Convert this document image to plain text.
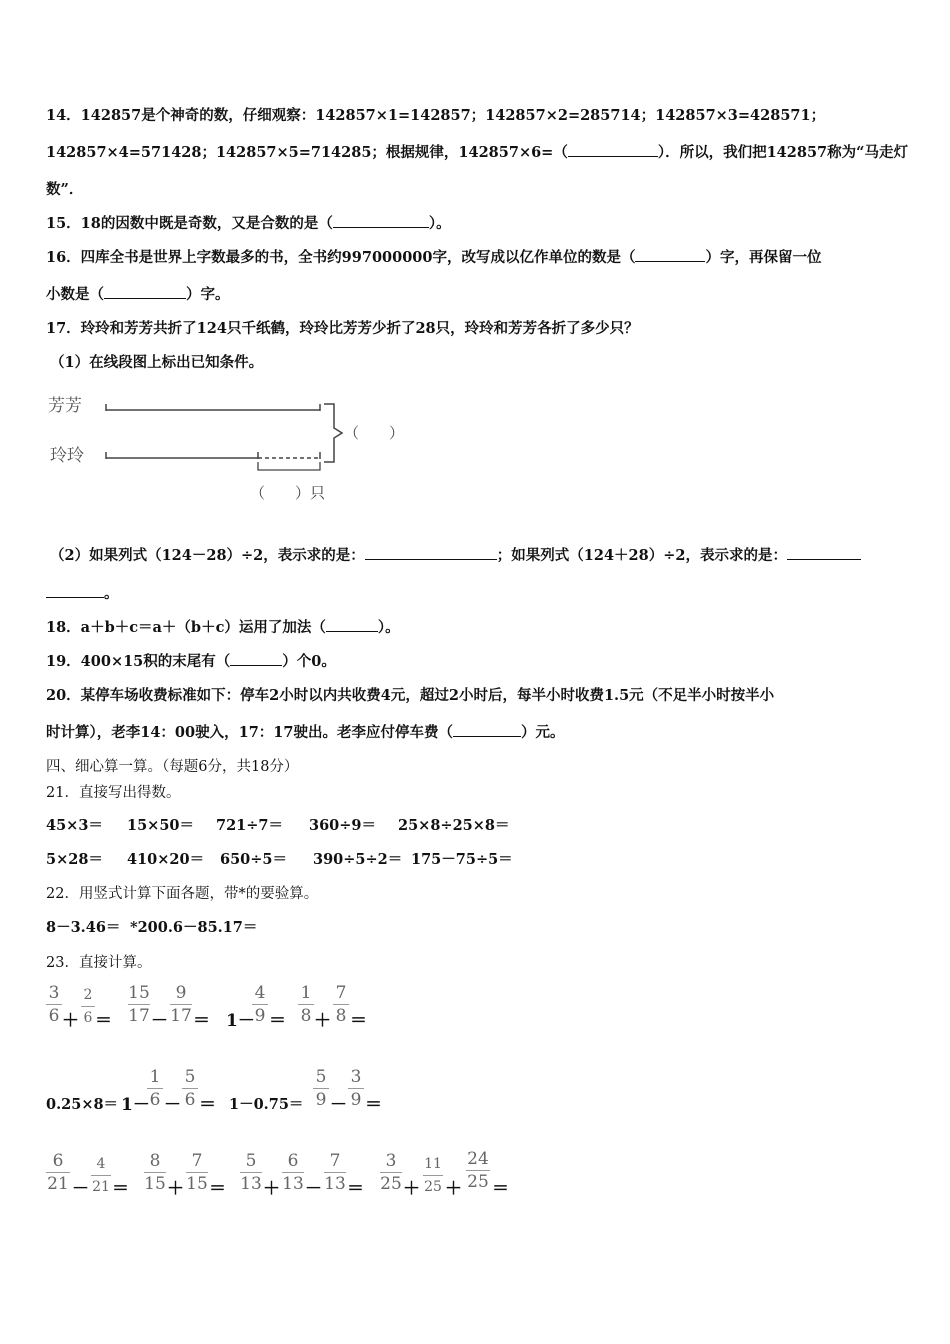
14．142857是个神奇的数，仔细观察：142857×1=142857；142857×2=285714；142857×3=428571；
142857×4=571428；142857×5=714285；根据规律，142857×6=（	）．所以，我们把142857称为“马走灯
数”．
15．18的因数中既是奇数，又是合数的是（	）。
16．四库全书是世界上字数最多的书，全书约997000000字，改写成以亿作单位的数是（	）字，再保留一位
小数是（	）字。
17．玲玲和芳芳共折了124只千纸鹤，玲玲比芳芳少折了28只，玲玲和芳芳各折了多少只？
（1）在线段图上标出已知条件。
芳芳
玲玲
（　　）
（　　）只
（2）如果列式（124－28）÷2，表示求的是：	；如果列式（124＋28）÷2，表示求的是：
。
18．a＋b＋c＝a＋（b＋c）运用了加法（	）。
19．400×15积的末尾有（	）个0。
20．某停车场收费标准如下：停车2小时以内共收费4元，超过2小时后，每半小时收费1.5元（不足半小时按半小
时计算），老李14：00驶入，17：17驶出。老李应付停车费（	）元。
四、细心算一算。（每题6分，共18分）
21．直接写出得数。
45×3＝ 15×50＝ 721÷7＝ 360÷9＝ 25×8÷25×8＝
5×28＝ 410×20＝ 650÷5＝ 390÷5÷2＝ 175－75÷5＝
22．用竖式计算下面各题，带*的要验算。
8－3.46＝ *200.6－85.17＝
23．直接计算。
3
6 ＋
2
6 ＝
15
17 －
9
17 ＝ 1－
4
9 ＝
1
8 ＋
7
8 ＝
0.25×8＝ 1－
1
6 －
5
6 ＝ 1－0.75＝
5
9 －
3
9 ＝
6
21 －
4
21 ＝
8
15 ＋
7
15 ＝
5
13 ＋
6
13 －
7
13 ＝
3
25 ＋
11
25 ＋
24
25 ＝
